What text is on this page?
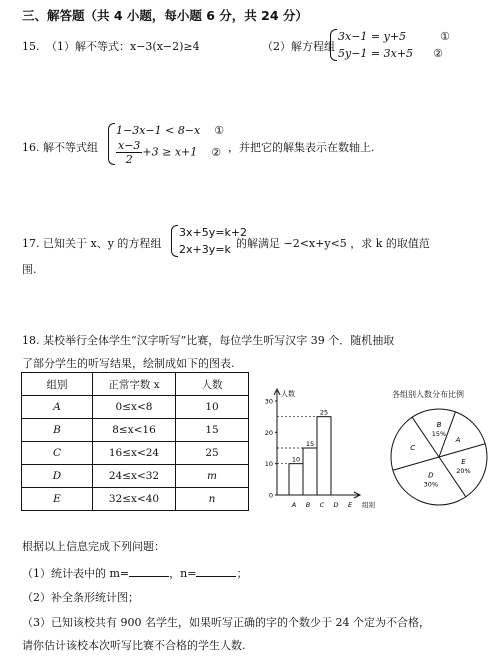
三、解答题（共 4 小题，每小题 6 分，共 24 分）
15. （1）解不等式：x−3(x−2)≥4	（2）解方程组
3x−1 = y+5	①
5y−1 = 3x+5 ②
16. 解不等式组
1−3x−1 < 8−x ①
$\frac{x-3}{2} +3 \ge x+1$ ② ，并把它的解集表示在数轴上.
17. 已知关于 x、y 的方程组
3x+5y=k+2
2x+3y=k 的解满足 −2<x+y<5 ，求 k 的取值范
围.
18. 某校举行全体学生“汉字听写”比赛，每位学生听写汉字 39 个．随机抽取
了部分学生的听写结果，绘制成如下的图表.
组别	正常字数 x	人数
A	0≤x<8	10
B	8≤x<16	15
C	16≤x<24	25
D	24≤x<32	m
E	32≤x<40	n
人数
组别
0
10
20
30
A
10
B
15
C
25
D E
各组别人数分布比例
A
B
15%
C
D
30%
E
20%
根据以上信息完成下列问题：
（1）统计表中的 m=	，n=	；
（2）补全条形统计图；
（3）已知该校共有 900 名学生，如果听写正确的字的个数少于 24 个定为不合格，
请你估计该校本次听写比赛不合格的学生人数.
